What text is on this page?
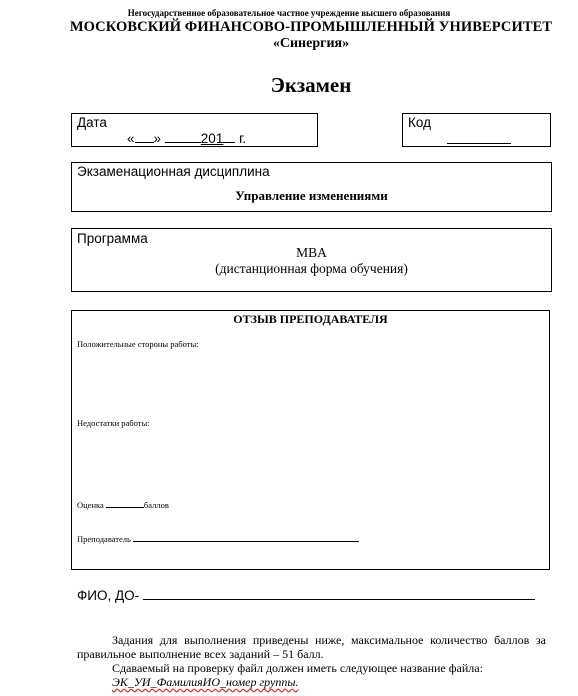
Негосударственное образовательное частное учреждение высшего образования
МОСКОВСКИЙ ФИНАНСОВО-ПРОМЫШЛЕННЫЙ УНИВЕРСИТЕТ
«Синергия»
Экзамен
Дата
« »	201 г.
Код
Экзаменационная дисциплина
Управление изменениями
Программа
MBA
(дистанционная форма обучения)
ОТЗЫВ ПРЕПОДАВАТЕЛЯ
Положительные стороны работы:
Недостатки работы:
Оценка	баллов
Преподаватель
ФИО, ДО-
Задания для выполнения приведены ниже, максимальное количество баллов за правильное выполнение всех заданий – 51 балл.
Сдаваемый на проверку файл должен иметь следующее название файла:
ЭК_УИ_ФамилияИО_номер группы.
